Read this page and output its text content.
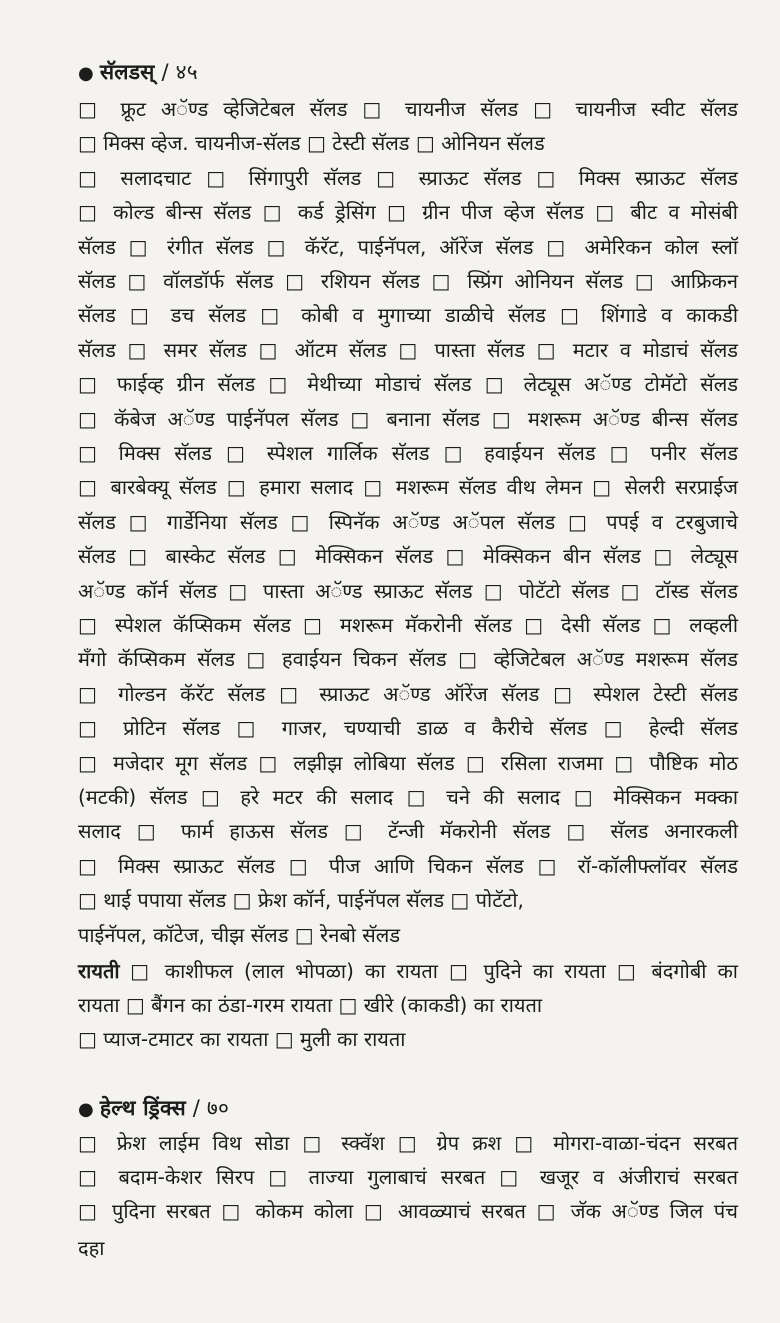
● सॅलडस् / ४५
□ फ्रूट अॅण्ड व्हेजिटेबल सॅलड □ चायनीज सॅलड □ चायनीज स्वीट सॅलड
□ मिक्स व्हेज. चायनीज-सॅलड □ टेस्टी सॅलड □ ओनियन सॅलड
□ सलादचाट □ सिंगापुरी सॅलड □ स्प्राऊट सॅलड □ मिक्स स्प्राऊट सॅलड
□ कोल्ड बीन्स सॅलड □ कर्ड ड्रेसिंग □ ग्रीन पीज व्हेज सॅलड □ बीट व मोसंबी
सॅलड □ रंगीत सॅलड □ कॅरॅट, पाईनॅपल, ऑरेंज सॅलड □ अमेरिकन कोल स्लॉ
सॅलड □ वॉलडॉर्फ सॅलड □ रशियन सॅलड □ स्प्रिंग ओनियन सॅलड □ आफ्रिकन
सॅलड □ डच सॅलड □ कोबी व मुगाच्या डाळीचे सॅलड □ शिंगाडे व काकडी
सॅलड □ समर सॅलड □ ऑटम सॅलड □ पास्ता सॅलड □ मटार व मोडाचं सॅलड
□ फाईव्ह ग्रीन सॅलड □ मेथीच्या मोडाचं सॅलड □ लेट्यूस अॅण्ड टोमॅटो सॅलड
□ कॅबेज अॅण्ड पाईनॅपल सॅलड □ बनाना सॅलड □ मशरूम अॅण्ड बीन्स सॅलड
□ मिक्स सॅलड □ स्पेशल गार्लिक सॅलड □ हवाईयन सॅलड □ पनीर सॅलड
□ बारबेक्यू सॅलड □ हमारा सलाद □ मशरूम सॅलड वीथ लेमन □ सेलरी सरप्राईज
सॅलड □ गार्डेनिया सॅलड □ स्पिनॅक अॅण्ड अॅपल सॅलड □ पपई व टरबुजाचे
सॅलड □ बास्केट सॅलड □ मेक्सिकन सॅलड □ मेक्सिकन बीन सॅलड □ लेट्यूस
अॅण्ड कॉर्न सॅलड □ पास्ता अॅण्ड स्प्राऊट सॅलड □ पोटॅटो सॅलड □ टॉस्ड सॅलड
□ स्पेशल कॅप्सिकम सॅलड □ मशरूम मॅकरोनी सॅलड □ देसी सॅलड □ लव्हली
मॅंगो कॅप्सिकम सॅलड □ हवाईयन चिकन सॅलड □ व्हेजिटेबल अॅण्ड मशरूम सॅलड
□ गोल्डन कॅरॅट सॅलड □ स्प्राऊट अॅण्ड ऑरेंज सॅलड □ स्पेशल टेस्टी सॅलड
□ प्रोटिन सॅलड □ गाजर, चण्याची डाळ व कैरीचे सॅलड □ हेल्दी सॅलड
□ मजेदार मूग सॅलड □ लझीझ लोबिया सॅलड □ रसिला राजमा □ पौष्टिक मोठ
(मटकी) सॅलड □ हरे मटर की सलाद □ चने की सलाद □ मेक्सिकन मक्का
सलाद □ फार्म हाऊस सॅलड □ टॅन्जी मॅकरोनी सॅलड □ सॅलड अनारकली
□ मिक्स स्प्राऊट सॅलड □ पीज आणि चिकन सॅलड □ रॉ-कॉलीफ्लॉवर सॅलड
□ थाई पपाया सॅलड □ फ्रेश कॉर्न, पाईनॅपल सॅलड □ पोटॅटो,
पाईनॅपल, कॉटेज, चीझ सॅलड □ रेनबो सॅलड
रायती □ काशीफल (लाल भोपळा) का रायता □ पुदिने का रायता □ बंदगोबी का
रायता □ बैंगन का ठंडा-गरम रायता □ खीरे (काकडी) का रायता
□ प्याज-टमाटर का रायता □ मुली का रायता
● हेल्थ ड्रिंक्स / ७०
□ फ्रेश लाईम विथ सोडा □ स्क्वॅश □ ग्रेप क्रश □ मोगरा-वाळा-चंदन सरबत
□ बदाम-केशर सिरप □ ताज्या गुलाबाचं सरबत □ खजूर व अंजीराचं सरबत
□ पुदिना सरबत □ कोकम कोला □ आवळ्याचं सरबत □ जॅक अॅण्ड जिल पंच
दहा
